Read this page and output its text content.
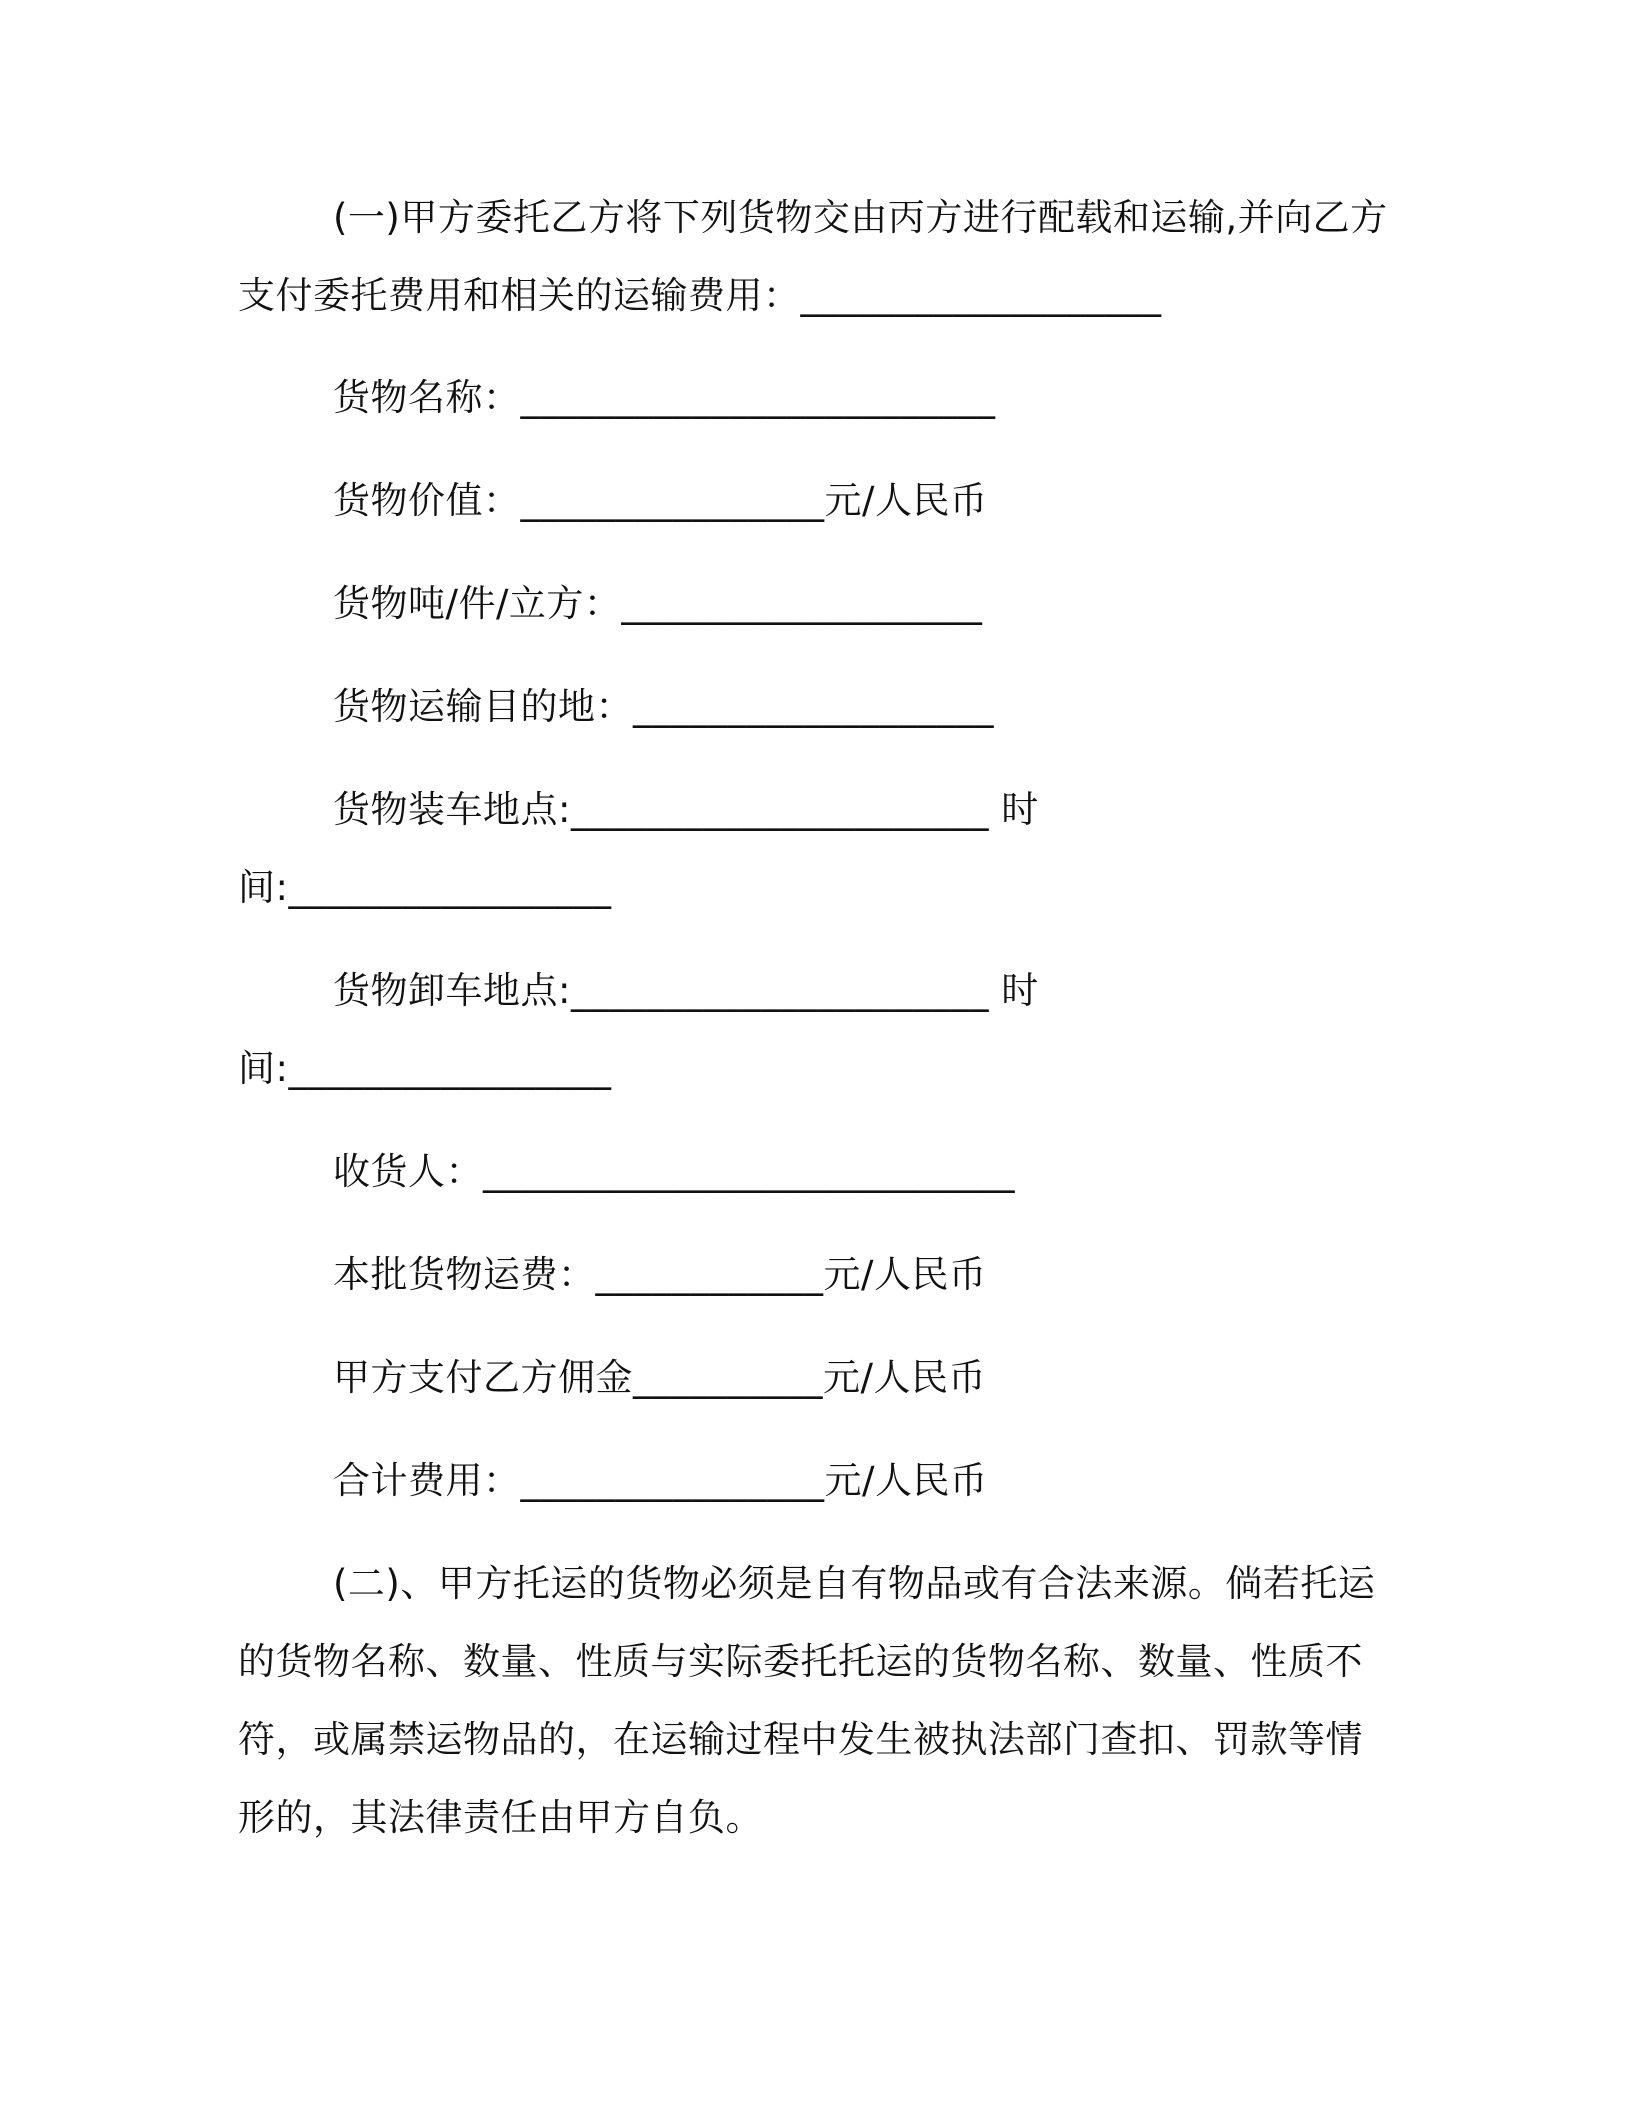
(一)甲方委托乙方将下列货物交由丙方进行配载和运输,并向乙方
支付委托费用和相关的运输费用：___________________
货物名称：_________________________
货物价值：________________元/人民币
货物吨/件/立方：___________________
货物运输目的地：___________________
货物装车地点:______________________ 时
间:_________________
货物卸车地点:______________________ 时
间:_________________
收货人：____________________________
本批货物运费：____________元/人民币
甲方支付乙方佣金__________元/人民币
合计费用：________________元/人民币
(二)、甲方托运的货物必须是自有物品或有合法来源。倘若托运
的货物名称、数量、性质与实际委托托运的货物名称、数量、性质不
符，或属禁运物品的，在运输过程中发生被执法部门查扣、罚款等情
形的，其法律责任由甲方自负。
